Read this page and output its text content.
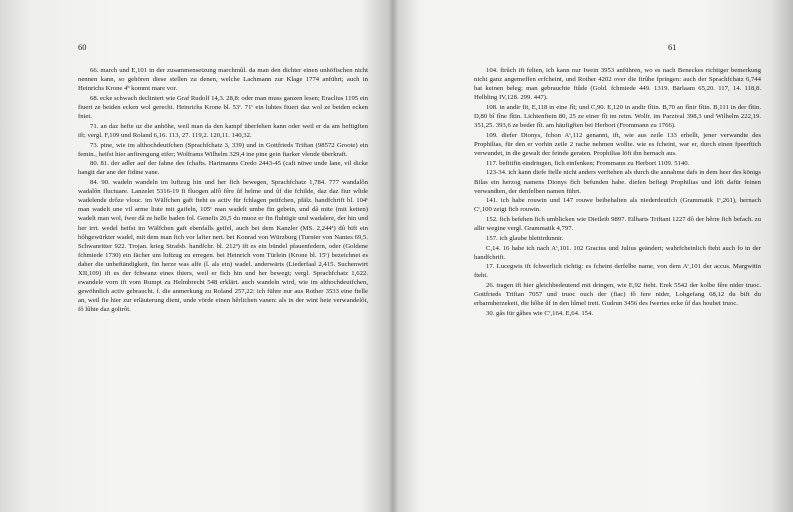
60

66. march und E,101 in der zusammensetzung marchmûl. da man den dichter einen unhöfischen nicht nennen kann, so gehören diese stellen zu denen, welche Lachmann zur Klage 1774 anführt; auch in Heinrichs Krone 4ᵇ kommt mare vor.

68. ecke schwach decliniert wie Graf Rudolf 14,3. 28,8: oder man muss ganzen lesen; Eraclius 1195 ein fiuert ze beiden ecken wol gerecht. Heinrichs Krone bl. 53ᶜ. 71ᶜ ein luhtes fiuert daz wol ze beiden ecken fniet.

71. an daz hefte uz die anhöhe, weil man da den kampf überfehen kann oder weil er da am heftigften ift; vergl. F,109 und Roland 6,16. 113, 27. 119,2. 120,11. 140,32.

73. pine, wie im althochdeutfchen (Sprachfchatz 3, 339) und in Gottfrieds Triftan (98572 Groote) ein femin., heifst hier anftrengung eifer; Wolframs Wilhelm 329,4 ine pine gein ftarker vlende überkraft.

80. 81. der adler auf der fahne des fchafts. Hartmanns Credo 2443-45 (caft nüwe unde lane, vil dicke hangit dar ane der fidine vane.

84. 90. wadeln wandeln im luftzug hin und her fich bewegen, Sprachfchatz 1,784. 777 wandalôn wadalôn fluctuare. Lanzelet 5316-19 fi fluogen alfô fêre ûf helme und ûf die fchilde, daz daz fiur wîtde wadelende drôze vlouc. im Wälfchen gaft fteht es activ für fchlagen peitfchen, pfälz. handfchrift bl. 104ᶜ man wadelt une vil arme liute mit gaifeln, 105ᶜ man wadelt umbe fin gebein, und dâ mite (mit ketten) wadelt man wol, fwer dâ ze helle baden fol. Genefis 26,5 du muoz er fin fluhtigir und wadalere, der hin und her irrt. wedel heifst im Wälfchen gaft ebenfalls geifel, auch bei dem Kanzler (MS. 2,244ᵃ) dû bift ein hôhgewürkter wadel, mit dem man fich vor lafter nert. bei Konrad von Würzburg (Turnier von Nantes 69,5. Schwanritter 922. Trojan. krieg Strafsb. handfchr. bl. 212ᵃ) ift es ein bündel pfauenfedern, oder (Goldene fchmiede 1730) ein fächer um luftzug zu erregen. bei Heinrich vom Türlein (Krone bl. 15ᶜ) bezeichnet es daher die unbeftändigkeit, fin herze was alfe (l. als ein) wadel. anderwärts (Liederfaal 2,415. Suchenwirt XII,109) ift es der fchwanz eines thiers, weil er fich hin und her bewegt; vergl. Sprachfchatz 1,622. ewandele vorn ift vom Rumpt zu Helmbrecht 548 erklärt. auch wandeln wird, wie im althochdeutfchen, gewöhnlich activ gebraucht. f. die anmerkung zu Roland 257,22: ich führe nur aus Rother 3533 eine ftelle an, weil fie hier zur erläuterung dient, unde vörde einen hêrlichen vanen: als in der wint hete verwandelôt, fô lûhte daz goltrôt.

61

104. ftrûch ift felten, ich kann nur Iwein 3953 anführen, wo es nach Beneckes richtiger bemerkung nicht ganz angemeffen erfcheint, und Rother 4202 over die ftrûhe fpringen: auch der Sprachfchatz 6,744 hat keinen beleg; man gebrauchte ftûde (Gold. fchmiede 449. 1319. Bärlaam 65,20. 117, 14. 118,8. Helbling IV,128. 299. 447).

108. in andir fit, E,118 in eine fît; und C,90. E,120 in andir fîtin. B,70 an fînir fîtin. B,111 in der fîtin. D,80 bî fîne fîtin. Lichtenftein 80, 25 ze einer fît im reim. Wolfr. im Parzival 398,3 und Wilhelm 222,19. 351,25. 393,6 ze beder fît. am häufigften bei Herbort (Frommann zu 1766).

109. diefer Dionys, fchon Aᶜ,112 genannt, ift, wie aus zeile 133 erhellt, jener verwandte des Prophilias, für den er vorhin zeile 2 rache nehmen wollte. wie es fcheint, war er, durch einen fpeerftich verwundet, in die gewalt der feinde geraten. Prophilias löft ihn hernach aus.

117. befitifin eindringen, fich einfenken; Frommann zu Herbort 1109. 5140.

123-34. ich kann diefe ftelle nicht anders verftehen als durch die annahme dafs in dem heer des königs Bilas ein herzog namens Dionys fich befunden habe. diefen befiegt Prophilias und löft dafür feinen verwandten, der denfelben namen führt.

141. ich habe rouwin und 147 rouwe beibehalten als niederdeutfch (Grammatik 1ᶜ,261), hernach Cᶜ,100 zeigt fich rouwin.

152. fich befehen fich umblicken wie Dietleib 9897. Eilharts Triftant 1227 dô der hêrre fich befach. zu allir wegine vergl. Grammatik 4,797.

157. ich glaube blettirdunnir.

C,14. 16 habe ich nach Aᶜ,101. 102 Gracius und Julius geändert; wahrfcheinlich fteht auch fo in der handfchrift.

17. Lucegwis ift fchwerlich richtig: es fcheint derfelbe name, von dem Aᶜ,101 der accus. Margwitin fteht.

26. tragen ift hier gleichbedeutend mit dringen, wie E,92 fteht. Erek 5542 der kolbe fêre nider truoc. Gottfrieds Triftan 7057 und truoc ouch der (fiac) fô fere nider, Lohgefang 68,12 du bift du erbarmherzekeit, die hôhe ûf in den hîmel treit. Gudrun 3456 des fwertes ecke ûf das houbet truoc.

30. gâs für gâhes wie Cᶜ,164. E,64. 154.
